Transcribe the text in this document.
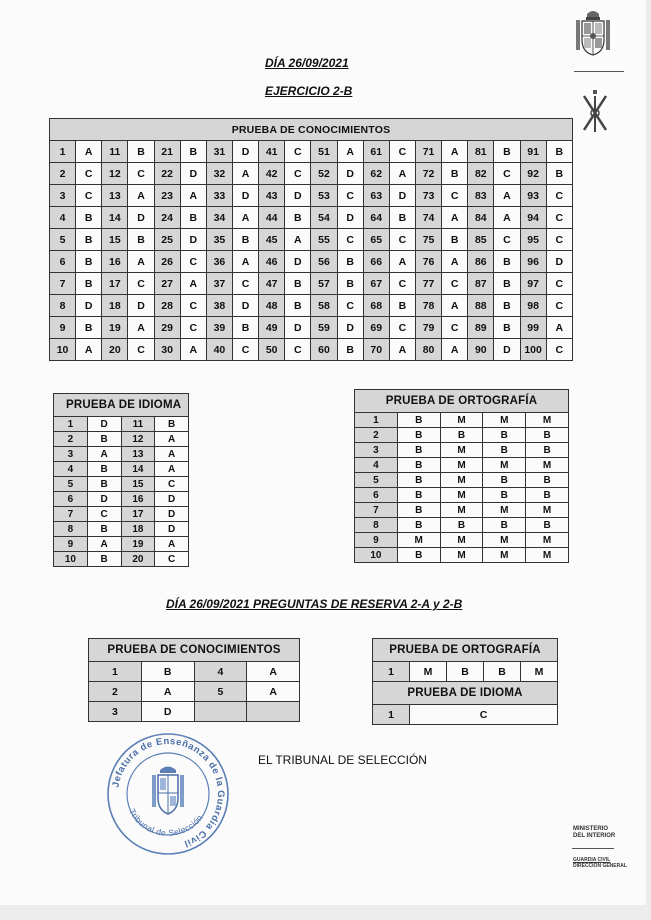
DÍA 26/09/2021
EJERCICIO 2-B
PRUEBA DE CONOCIMIENTOS																			
1	A	11	B	21	B	31	D	41	C	51	A	61	C	71	A	81	B	91	B
2	C	12	C	22	D	32	A	42	C	52	D	62	A	72	B	82	C	92	B
3	C	13	A	23	A	33	D	43	D	53	C	63	D	73	C	83	A	93	C
4	B	14	D	24	B	34	A	44	B	54	D	64	B	74	A	84	A	94	C
5	B	15	B	25	D	35	B	45	A	55	C	65	C	75	B	85	C	95	C
6	B	16	A	26	C	36	A	46	D	56	B	66	A	76	A	86	B	96	D
7	B	17	C	27	A	37	C	47	B	57	B	67	C	77	C	87	B	97	C
8	D	18	D	28	C	38	D	48	B	58	C	68	B	78	A	88	B	98	C
9	B	19	A	29	C	39	B	49	D	59	D	69	C	79	C	89	B	99	A
10	A	20	C	30	A	40	C	50	C	60	B	70	A	80	A	90	D	100	C
PRUEBA DE IDIOMA			
1	D	11	B
2	B	12	A
3	A	13	A
4	B	14	A
5	B	15	C
6	D	16	D
7	C	17	D
8	B	18	D
9	A	19	A
10	B	20	C
PRUEBA DE ORTOGRAFÍA				
1	B	M	M	M
2	B	B	B	B
3	B	M	B	B
4	B	M	M	M
5	B	M	B	B
6	B	M	B	B
7	B	M	M	M
8	B	B	B	B
9	M	M	M	M
10	B	M	M	M
DÍA 26/09/2021 PREGUNTAS DE RESERVA 2-A y 2-B
PRUEBA DE CONOCIMIENTOS			
1	B	4	A
2	A	5	A
3	D		
PRUEBA DE ORTOGRAFÍA				
1	M	B	B	M
PRUEBA DE IDIOMA				
1	C			
Jefatura de Enseñanza de la Guardia Civil
Tribunal de Selección
EL TRIBUNAL DE SELECCIÓN
MINISTERIO
DEL INTERIOR
GUARDIA CIVIL
DIRECCIÓN GENERAL
